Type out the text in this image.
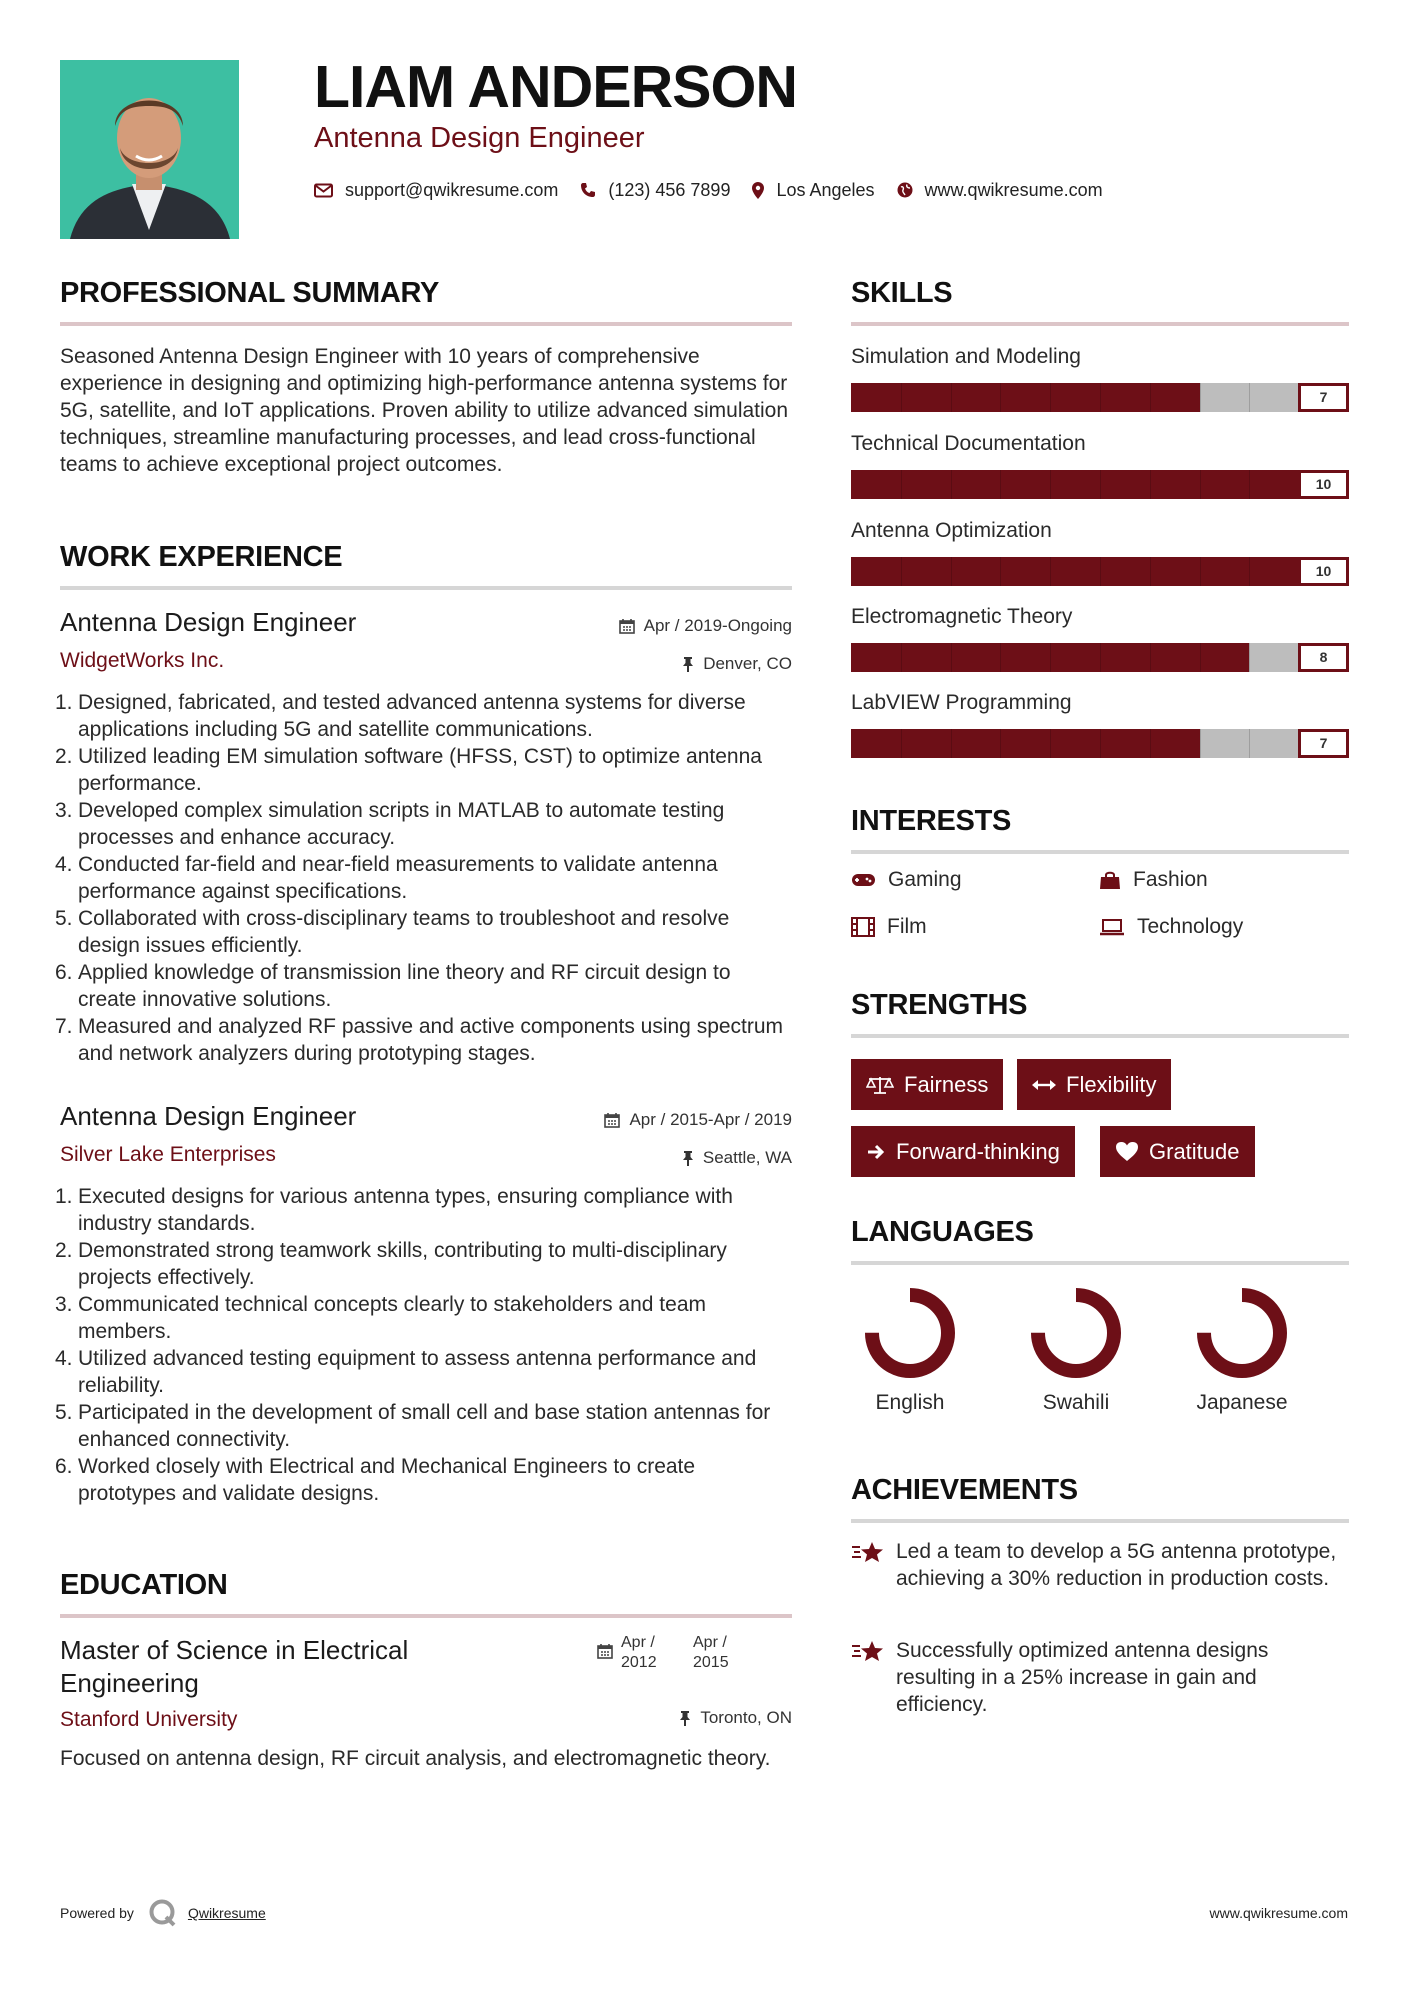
LIAM ANDERSON
Antenna Design Engineer
support@qwikresume.com	(123) 456 7899	Los Angeles	www.qwikresume.com
PROFESSIONAL SUMMARY
Seasoned Antenna Design Engineer with 10 years of comprehensive experience in designing and optimizing high-performance antenna systems for 5G, satellite, and IoT applications. Proven ability to utilize advanced simulation techniques, streamline manufacturing processes, and lead cross-functional teams to achieve exceptional project outcomes.
WORK EXPERIENCE
Antenna Design Engineer	Apr / 2019-Ongoing
WidgetWorks Inc.	Denver, CO
1. Designed, fabricated, and tested advanced antenna systems for diverse applications including 5G and satellite communications.
2. Utilized leading EM simulation software (HFSS, CST) to optimize antenna performance.
3. Developed complex simulation scripts in MATLAB to automate testing processes and enhance accuracy.
4. Conducted far-field and near-field measurements to validate antenna performance against specifications.
5. Collaborated with cross-disciplinary teams to troubleshoot and resolve design issues efficiently.
6. Applied knowledge of transmission line theory and RF circuit design to create innovative solutions.
7. Measured and analyzed RF passive and active components using spectrum and network analyzers during prototyping stages.
Antenna Design Engineer	Apr / 2015-Apr / 2019
Silver Lake Enterprises	Seattle, WA
1. Executed designs for various antenna types, ensuring compliance with industry standards.
2. Demonstrated strong teamwork skills, contributing to multi-disciplinary projects effectively.
3. Communicated technical concepts clearly to stakeholders and team members.
4. Utilized advanced testing equipment to assess antenna performance and reliability.
5. Participated in the development of small cell and base station antennas for enhanced connectivity.
6. Worked closely with Electrical and Mechanical Engineers to create prototypes and validate designs.
EDUCATION
Master of Science in Electrical Engineering
Apr / 2012
Apr / 2015
Stanford University	Toronto, ON
Focused on antenna design, RF circuit analysis, and electromagnetic theory.
SKILLS
Simulation and Modeling
7
Technical Documentation
10
Antenna Optimization
10
Electromagnetic Theory
8
LabVIEW Programming
7
INTERESTS
Gaming	Fashion
Film	Technology
STRENGTHS
Fairness	Flexibility
Forward-thinking	Gratitude
LANGUAGES
English	Swahili	Japanese
ACHIEVEMENTS
Led a team to develop a 5G antenna prototype, achieving a 30% reduction in production costs.
Successfully optimized antenna designs resulting in a 25% increase in gain and efficiency.
Powered by	Qwikresume	www.qwikresume.com
